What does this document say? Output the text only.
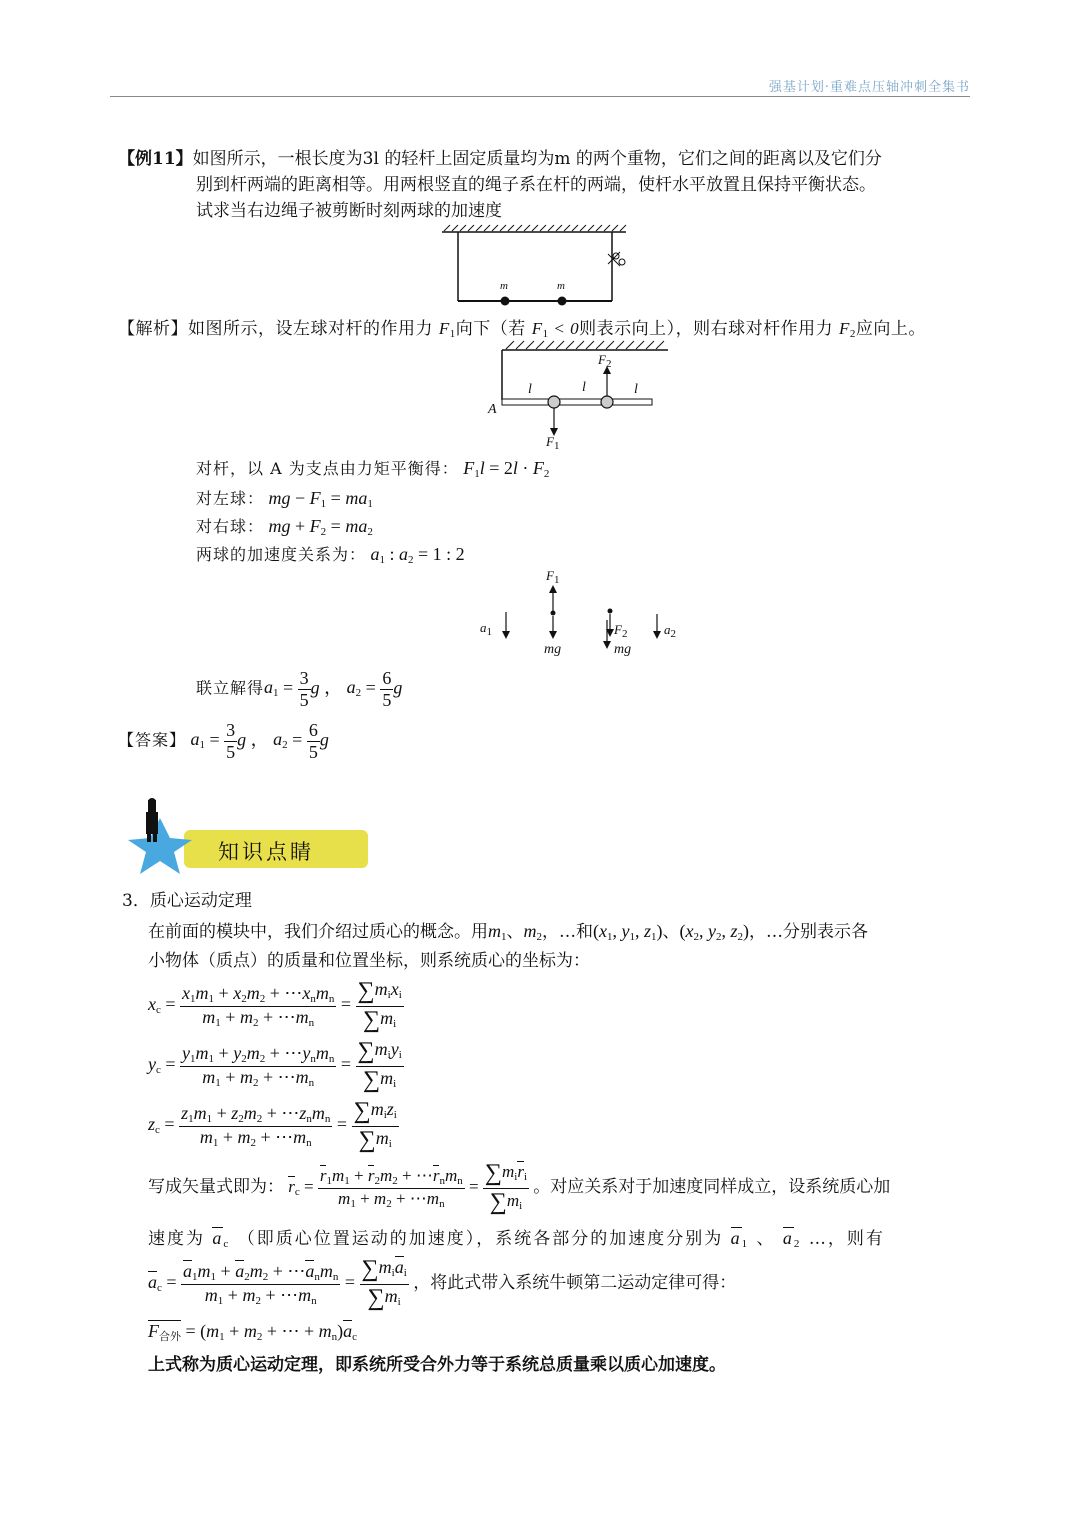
强基计划·重难点压轴冲刺全集书
【例11】如图所示，一根长度为3l 的轻杆上固定质量均为m 的两个重物，它们之间的距离以及它们分
别到杆两端的距离相等。用两根竖直的绳子系在杆的两端，使杆水平放置且保持平衡状态。
试求当右边绳子被剪断时刻两球的加速度
m	m
【解析】如图所示，设左球对杆的作用力 $F_1$向下（若 $F_1 < 0$则表示向上），则右球对杆作用力 $F_2$应向上。
$F_2$
l	l	l
A
$F_1$
对杆，以 A 为支点由力矩平衡得： $F_1l = 2l \cdot F_2$
对左球： mg − $F_1 = ma_1$
对右球： mg + $F_2 = ma_2$
两球的加速度关系为： $a_1$ : $a_2 = 1$ : 2
$F_1$
$a_1$	$F_2$	$a_2$
mg	mg
联立解得$a_1 = \frac{3}{5}$ g ， $a_2 = \frac{6}{5}$ g
【答案】 $a_1 = \frac{3}{5}$ g ， $a_2 = \frac{6}{5}$ g
知识点睛
3．质心运动定理
在前面的模块中，我们介绍过质心的概念。用$m_1$、$m_2$，…和($x_1$, $y_1$, $z_1$)、($x_2$, $y_2$, $z_2$)，…分别表示各
小物体（质点）的质量和位置坐标，则系统质心的坐标为：
$x_c = \frac{x_1m_1 + x_2m_2 + \cdots x_nm_n}{m_1 + m_2 + \cdots m_n} = \frac{\sum m_ix_i}{\sum m_i}$
$y_c = \frac{y_1m_1 + y_2m_2 + \cdots y_nm_n}{m_1 + m_2 + \cdots m_n} = \frac{\sum m_iy_i}{\sum m_i}$
$z_c = \frac{z_1m_1 + z_2m_2 + \cdots z_nm_n}{m_1 + m_2 + \cdots m_n} = \frac{\sum m_iz_i}{\sum m_i}$
写成矢量式即为： $r_c = \frac{r_1m_1 + r_2m_2 + \cdots r_nm_n}{m_1 + m_2 + \cdots m_n} = \frac{\sum m_ir_i}{\sum m_i}$ 。对应关系对于加速度同样成立，设系统质心加
速度为 $a_c$ （即质心位置运动的加速度），系统各部分的加速度分别为 $a_1$ 、 $a_2$ …，则有
$a_c = \frac{a_1m_1 + a_2m_2 + \cdots a_nm_n}{m_1 + m_2 + \cdots m_n} = \frac{\sum m_ia_i}{\sum m_i}$ ，将此式带入系统牛顿第二运动定律可得：
$F_{合外} = (m_1 + m_2$ + ⋯ + $m_n)a_c$
上式称为质心运动定理，即系统所受合外力等于系统总质量乘以质心加速度。
